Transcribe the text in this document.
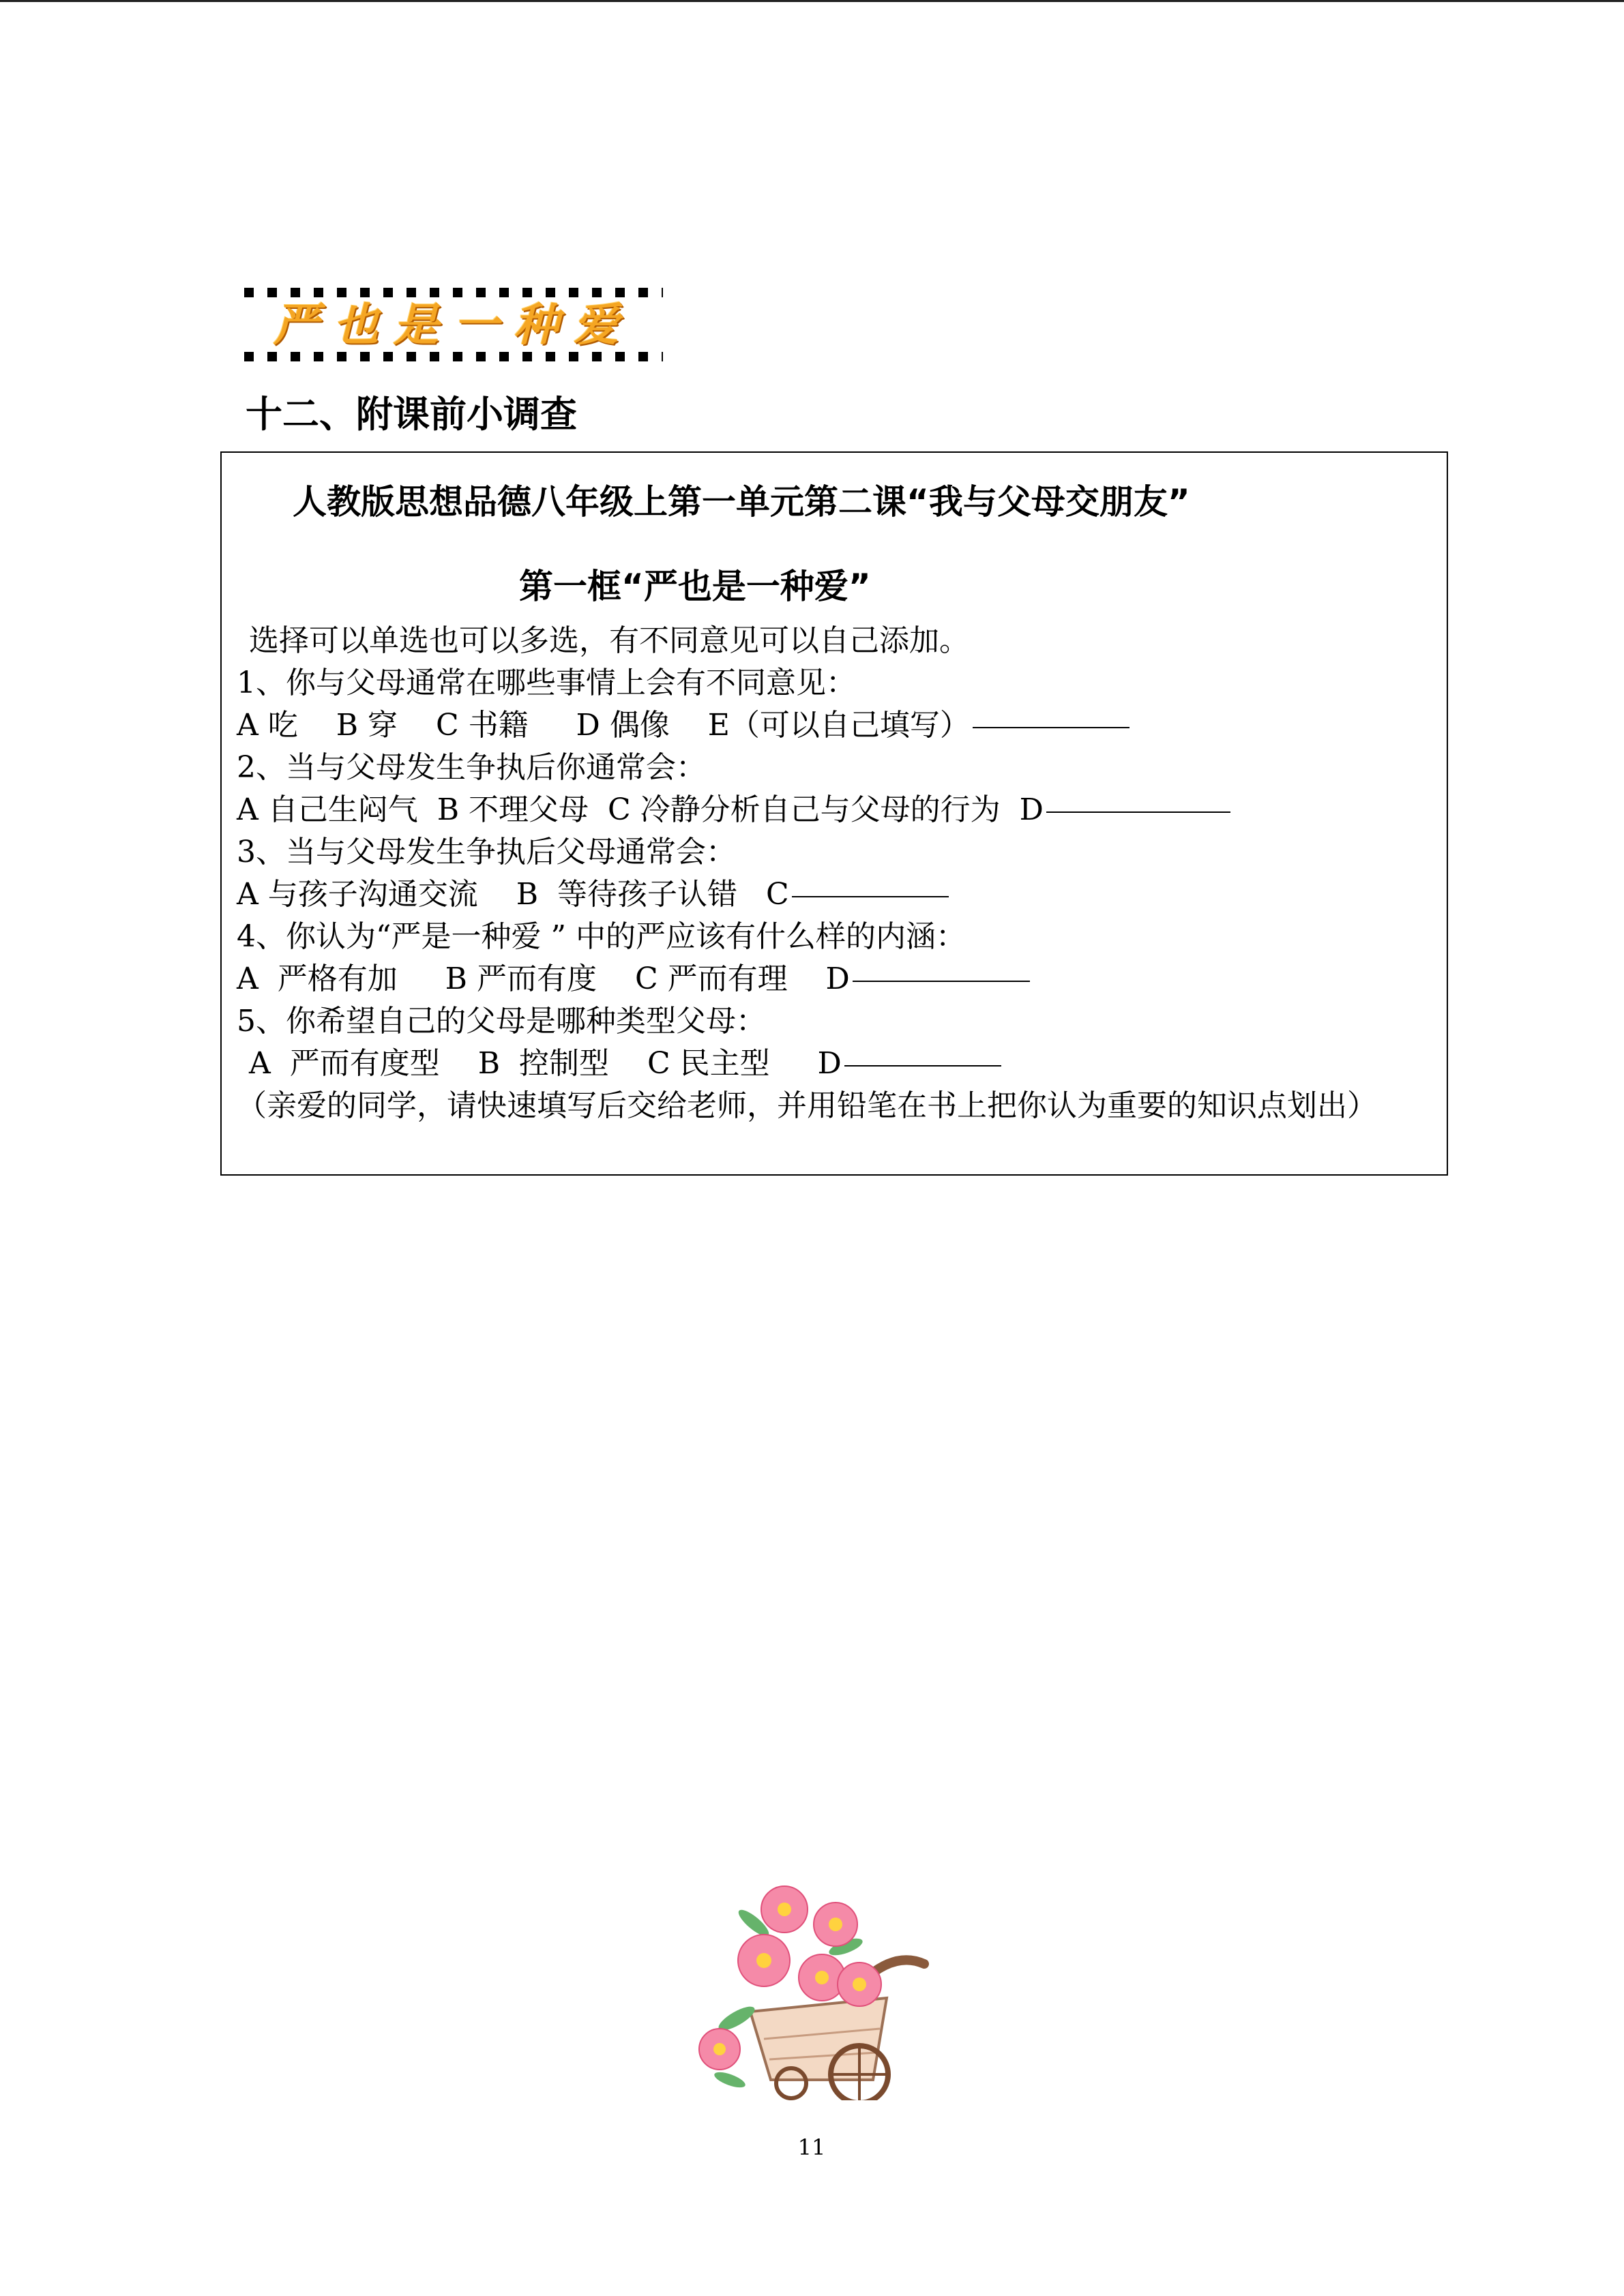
严也是一种爱
十二、附课前小调查
人教版思想品德八年级上第一单元第二课“我与父母交朋友”
第一框“严也是一种爱”
选择可以单选也可以多选，有不同意见可以自己添加。
1、你与父母通常在哪些事情上会有不同意见：
A 吃    B 穿    C 书籍     D 偶像    E（可以自己填写）
2、当与父母发生争执后你通常会：
A 自己生闷气  B 不理父母  C 冷静分析自己与父母的行为  D
3、当与父母发生争执后父母通常会：
A 与孩子沟通交流    B  等待孩子认错   C
4、你认为“严是一种爱 ” 中的严应该有什么样的内涵：
A  严格有加     B 严而有度    C 严而有理    D
5、你希望自己的父母是哪种类型父母：
A  严而有度型    B  控制型    C 民主型     D
（亲爱的同学，请快速填写后交给老师，并用铅笔在书上把你认为重要的知识点划出）
11
